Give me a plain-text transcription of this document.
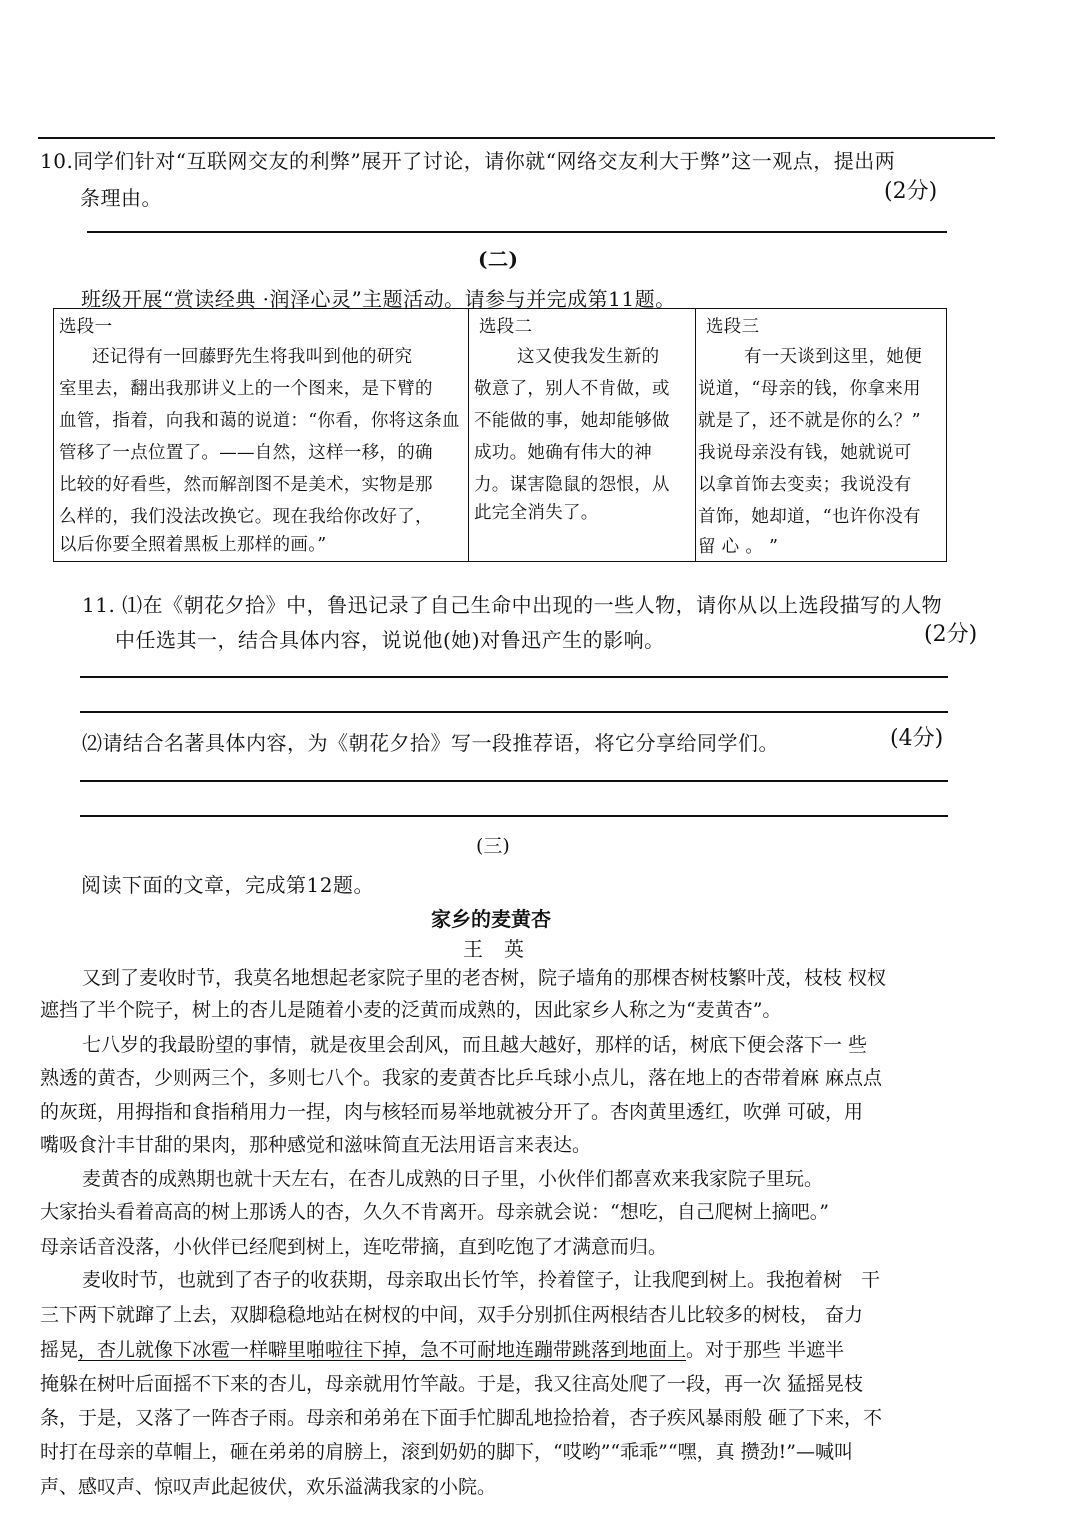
10.同学们针对“互联网交友的利弊”展开了讨论，请你就“网络交友利大于弊”这一观点，提出两
条理由。	(2分)
(二)
班级开展“赏读经典 ·润泽心灵”主题活动。请参与并完成第11题。
选段一
还记得有一回藤野先生将我叫到他的研究
室里去，翻出我那讲义上的一个图来，是下臂的
血管，指着，向我和蔼的说道：“你看，你将这条血
管移了一点位置了。——自然，这样一移，的确
比较的好看些，然而解剖图不是美术，实物是那
么样的，我们没法改换它。现在我给你改好了，
以后你要全照着黑板上那样的画。”

选段二
这又使我发生新的
敬意了，别人不肯做，或
不能做的事，她却能够做
成功。她确有伟大的神
力。谋害隐鼠的怨恨，从
此完全消失了。

选段三
有一天谈到这里，她便
说道，“母亲的钱，你拿来用
就是了，还不就是你的么？”
我说母亲没有钱，她就说可
以拿首饰去变卖；我说没有
首饰，她却道，“也许你没有
留 心 。 ”
11. ⑴在《朝花夕拾》中，鲁迅记录了自己生命中出现的一些人物，请你从以上选段描写的人物
中任选其一，结合具体内容，说说他(她)对鲁迅产生的影响。	(2分)
⑵请结合名著具体内容，为《朝花夕拾》写一段推荐语，将它分享给同学们。	(4分)
(三)
阅读下面的文章，完成第12题。
家乡的麦黄杏
王　英
又到了麦收时节，我莫名地想起老家院子里的老杏树，院子墙角的那棵杏树枝繁叶茂，枝枝 杈杈
遮挡了半个院子，树上的杏儿是随着小麦的泛黄而成熟的，因此家乡人称之为“麦黄杏”。
七八岁的我最盼望的事情，就是夜里会刮风，而且越大越好，那样的话，树底下便会落下一 些
熟透的黄杏，少则两三个，多则七八个。我家的麦黄杏比乒乓球小点儿，落在地上的杏带着麻 麻点点
的灰斑，用拇指和食指稍用力一捏，肉与核轻而易举地就被分开了。杏肉黄里透红，吹弹 可破，用
嘴吸食汁丰甘甜的果肉，那种感觉和滋味简直无法用语言来表达。
麦黄杏的成熟期也就十天左右，在杏儿成熟的日子里，小伙伴们都喜欢来我家院子里玩。
大家抬头看着高高的树上那诱人的杏，久久不肯离开。母亲就会说：“想吃，自己爬树上摘吧。”
母亲话音没落，小伙伴已经爬到树上，连吃带摘，直到吃饱了才满意而归。
麦收时节，也就到了杏子的收获期，母亲取出长竹竿，拎着筐子，让我爬到树上。我抱着树　干
三下两下就蹿了上去，双脚稳稳地站在树杈的中间，双手分别抓住两根结杏儿比较多的树枝， 奋力
摇晃，杏儿就像下冰雹一样噼里啪啦往下掉，急不可耐地连蹦带跳落到地面上。对于那些 半遮半
掩躲在树叶后面摇不下来的杏儿，母亲就用竹竿敲。于是，我又往高处爬了一段，再一次 猛摇晃枝
条，于是，又落了一阵杏子雨。母亲和弟弟在下面手忙脚乱地捡拾着，杏子疾风暴雨般 砸了下来，不
时打在母亲的草帽上，砸在弟弟的肩膀上，滚到奶奶的脚下，“哎哟”“乖乖”“嘿，真 攒劲!”—喊叫
声、感叹声、惊叹声此起彼伏，欢乐溢满我家的小院。
